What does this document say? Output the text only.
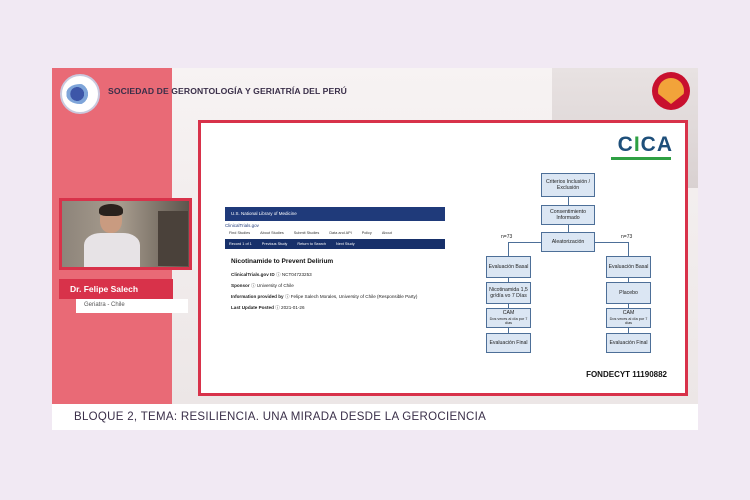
SOCIEDAD DE GERONTOLOGÍA Y GERIATRÍA DEL PERÚ
Dr. Felipe Salech
Geriatra - Chile
CICA
U.S. National Library of Medicine
ClinicalTrials.gov
Find Studies	About Studies	Submit Studies	Data and API	Policy	About
Record 1 of 1	Previous Study	Return to Search	Next Study
Nicotinamide to Prevent Delirium
ClinicalTrials.gov ID ⓘ NCT04723253
Sponsor ⓘ University of Chile
Information provided by ⓘ Felipe Salech Morales, University of Chile (Responsible Party)
Last Update Posted ⓘ 2021-01-26
Criterios Inclusión / Exclusión
Consentimiento Informado
Aleatorización
n=73	n=73
Evaluación Basal
Nicotinamida 1,5 gr/día vo 7 Días
CAM
Dos veces al día por 7 días
Evaluación Final
Evaluación Basal
Placebo
CAM
Dos veces al día por 7 días
Evaluación Final
FONDECYT 11190882
BLOQUE 2, TEMA: RESILIENCIA. UNA MIRADA DESDE LA GEROCIENCIA
